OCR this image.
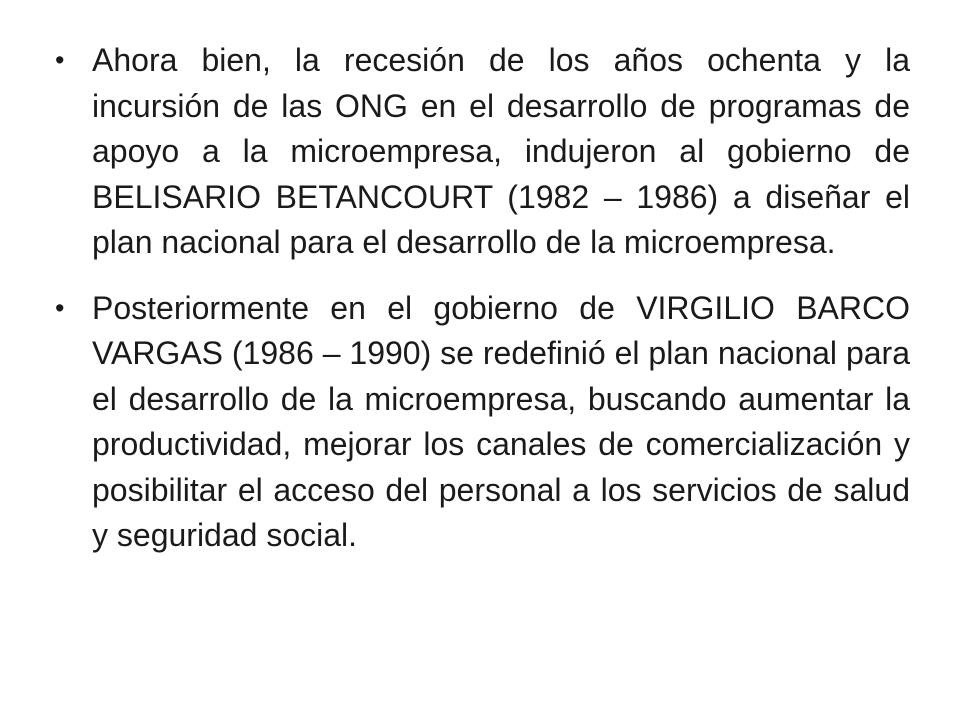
• Ahora bien, la recesión de los años ochenta y la incursión de las ONG en el desarrollo de programas de apoyo a la microempresa, indujeron al gobierno de BELISARIO BETANCOURT (1982 – 1986) a diseñar el plan nacional para el desarrollo de la microempresa.
• Posteriormente en el gobierno de VIRGILIO BARCO VARGAS (1986 – 1990) se redefinió el plan nacional para el desarrollo de la microempresa, buscando aumentar la productividad, mejorar los canales de comercialización y posibilitar el acceso del personal a los servicios de salud y seguridad social.
